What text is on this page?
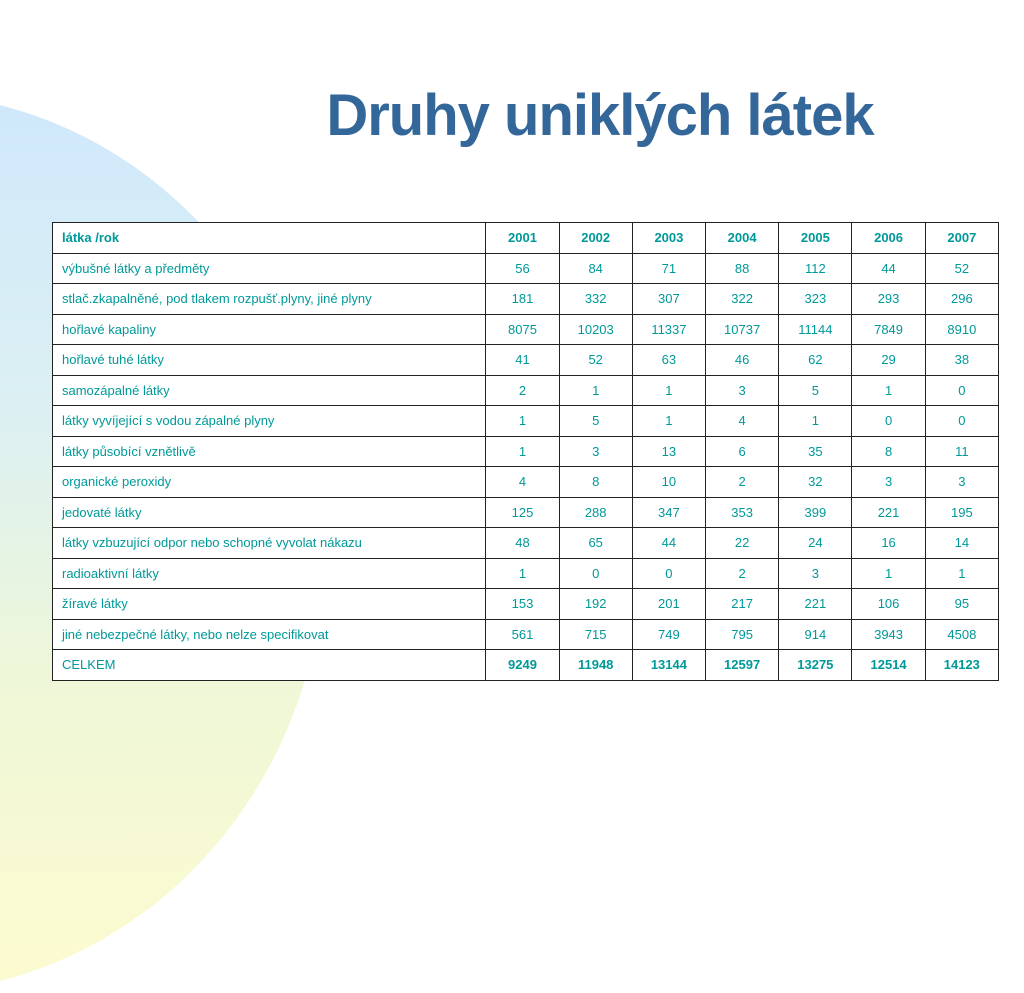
Druhy uniklých látek
látka /rok	2001	2002	2003	2004	2005	2006	2007
výbušné látky a předměty	56	84	71	88	112	44	52
stlač.zkapalněné, pod tlakem rozpušť.plyny, jiné plyny	181	332	307	322	323	293	296
hořlavé kapaliny	8075	10203	11337	10737	11144	7849	8910
hořlavé tuhé látky	41	52	63	46	62	29	38
samozápalné látky	2	1	1	3	5	1	0
látky vyvíjející s vodou zápalné plyny	1	5	1	4	1	0	0
látky působící vznětlivě	1	3	13	6	35	8	11
organické peroxidy	4	8	10	2	32	3	3
jedovaté látky	125	288	347	353	399	221	195
látky vzbuzující odpor nebo schopné vyvolat nákazu	48	65	44	22	24	16	14
radioaktivní látky	1	0	0	2	3	1	1
žíravé látky	153	192	201	217	221	106	95
jiné nebezpečné látky, nebo nelze specifikovat	561	715	749	795	914	3943	4508
CELKEM	9249	11948	13144	12597	13275	12514	14123
